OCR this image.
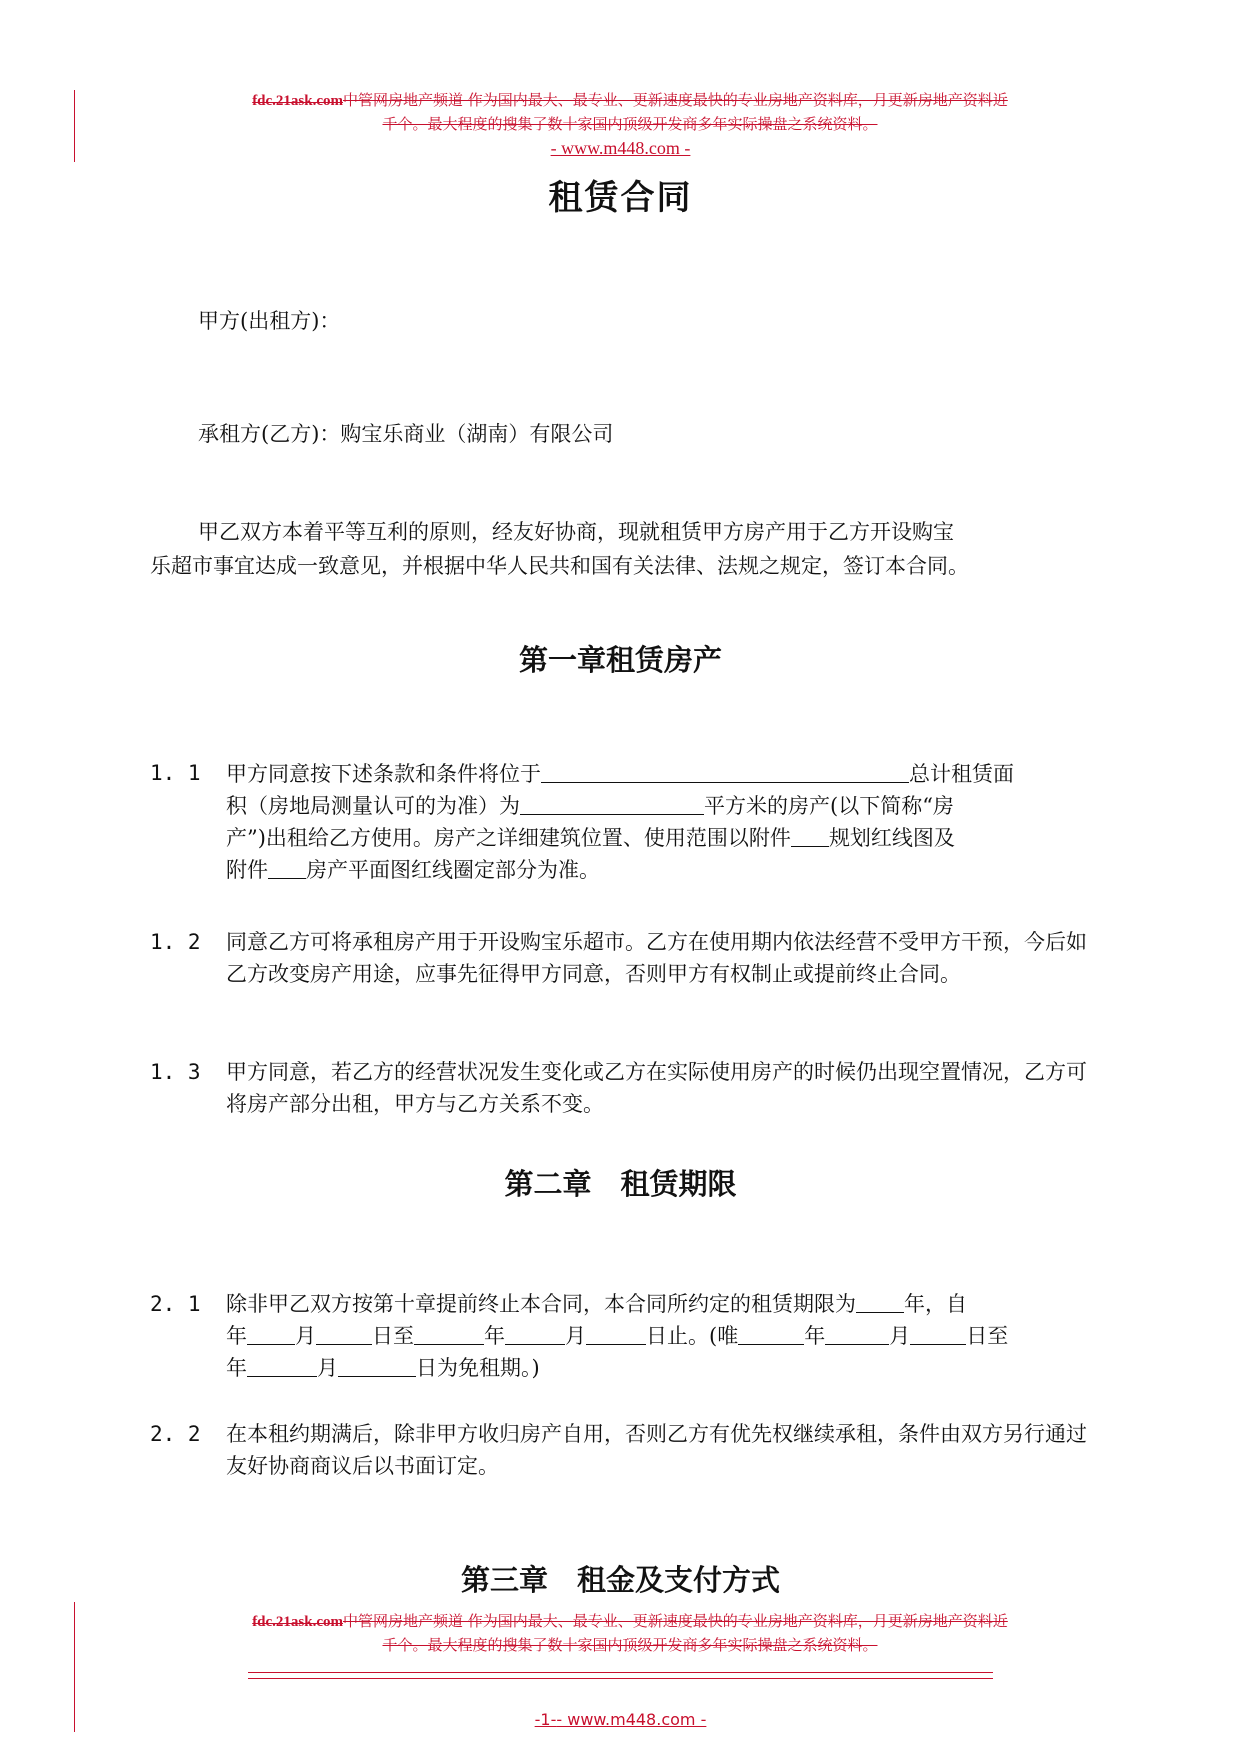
fdc.21ask.com中管网房地产频道 作为国内最大、最专业、更新速度最快的专业房地产资料库，月更新房地产资料近
千个。最大程度的搜集了数十家国内顶级开发商多年实际操盘之系统资料。
- www.m448.com -
租赁合同
甲方(出租方)：
承租方(乙方)：购宝乐商业（湖南）有限公司
甲乙双方本着平等互利的原则，经友好协商，现就租赁甲方房产用于乙方开设购宝
乐超市事宜达成一致意见，并根据中华人民共和国有关法律、法规之规定，签订本合同。
第一章租赁房产
1. 1 甲方同意按下述条款和条件将位于	总计租赁面
积（房地局测量认可的为准）为	平方米的房产(以下简称“房
产”)出租给乙方使用。房产之详细建筑位置、使用范围以附件 规划红线图及
附件 房产平面图红线圈定部分为准。
1. 2 同意乙方可将承租房产用于开设购宝乐超市。乙方在使用期内依法经营不受甲方干预，今后如乙方改变房产用途，应事先征得甲方同意，否则甲方有权制止或提前终止合同。
1. 3 甲方同意，若乙方的经营状况发生变化或乙方在实际使用房产的时候仍出现空置情况，乙方可将房产部分出租，甲方与乙方关系不变。
第二章　租赁期限
2. 1 除非甲乙双方按第十章提前终止本合同，本合同所约定的租赁期限为 年，自
年 月	日至	年	月	日止。(唯	年	月	日至
年	月	日为免租期。)
2. 2 在本租约期满后，除非甲方收归房产自用，否则乙方有优先权继续承租，条件由双方另行通过友好协商商议后以书面订定。
第三章　租金及支付方式
fdc.21ask.com中管网房地产频道 作为国内最大、最专业、更新速度最快的专业房地产资料库，月更新房地产资料近
千个。最大程度的搜集了数十家国内顶级开发商多年实际操盘之系统资料。
-1-- www.m448.com -
